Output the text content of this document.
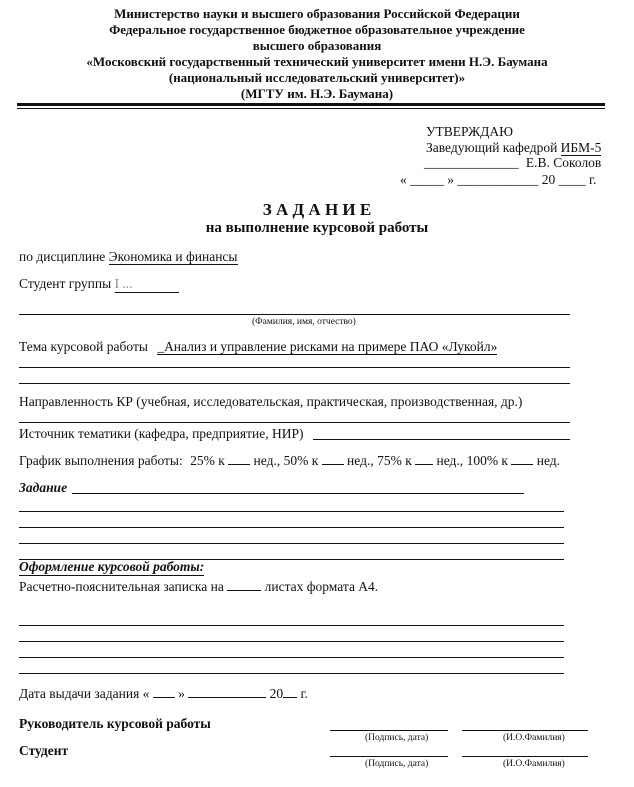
Министерство науки и высшего образования Российской Федерации
Федеральное государственное бюджетное образовательное учреждение
высшего образования
«Московский государственный технический университет имени Н.Э. Баумана
(национальный исследовательский университет)»
(МГТУ им. Н.Э. Баумана)
УТВЕРЖДАЮ
Заведующий кафедрой ИБМ-5
______________ Е.В. Соколов
« _____ » ____________ 20 ____ г.
З А Д А Н И Е
на выполнение курсовой работы
по дисциплине Экономика и финансы
Студент группы I ...
(Фамилия, имя, отчество)
Тема курсовой работы _Анализ и управление рисками на примере ПАО «Лукойл»
Направленность КР (учебная, исследовательская, практическая, производственная, др.)
Источник тематики (кафедра, предприятие, НИР)
График выполнения работы: 25% к нед., 50% к нед., 75% к нед., 100% к нед.
Задание
Оформление курсовой работы:
Расчетно-пояснительная записка на	листах формата А4.
Дата выдачи задания « »	20 г.
Руководитель курсовой работы
(Подпись, дата)	(И.О.Фамилия)
Студент
(Подпись, дата)	(И.О.Фамилия)
